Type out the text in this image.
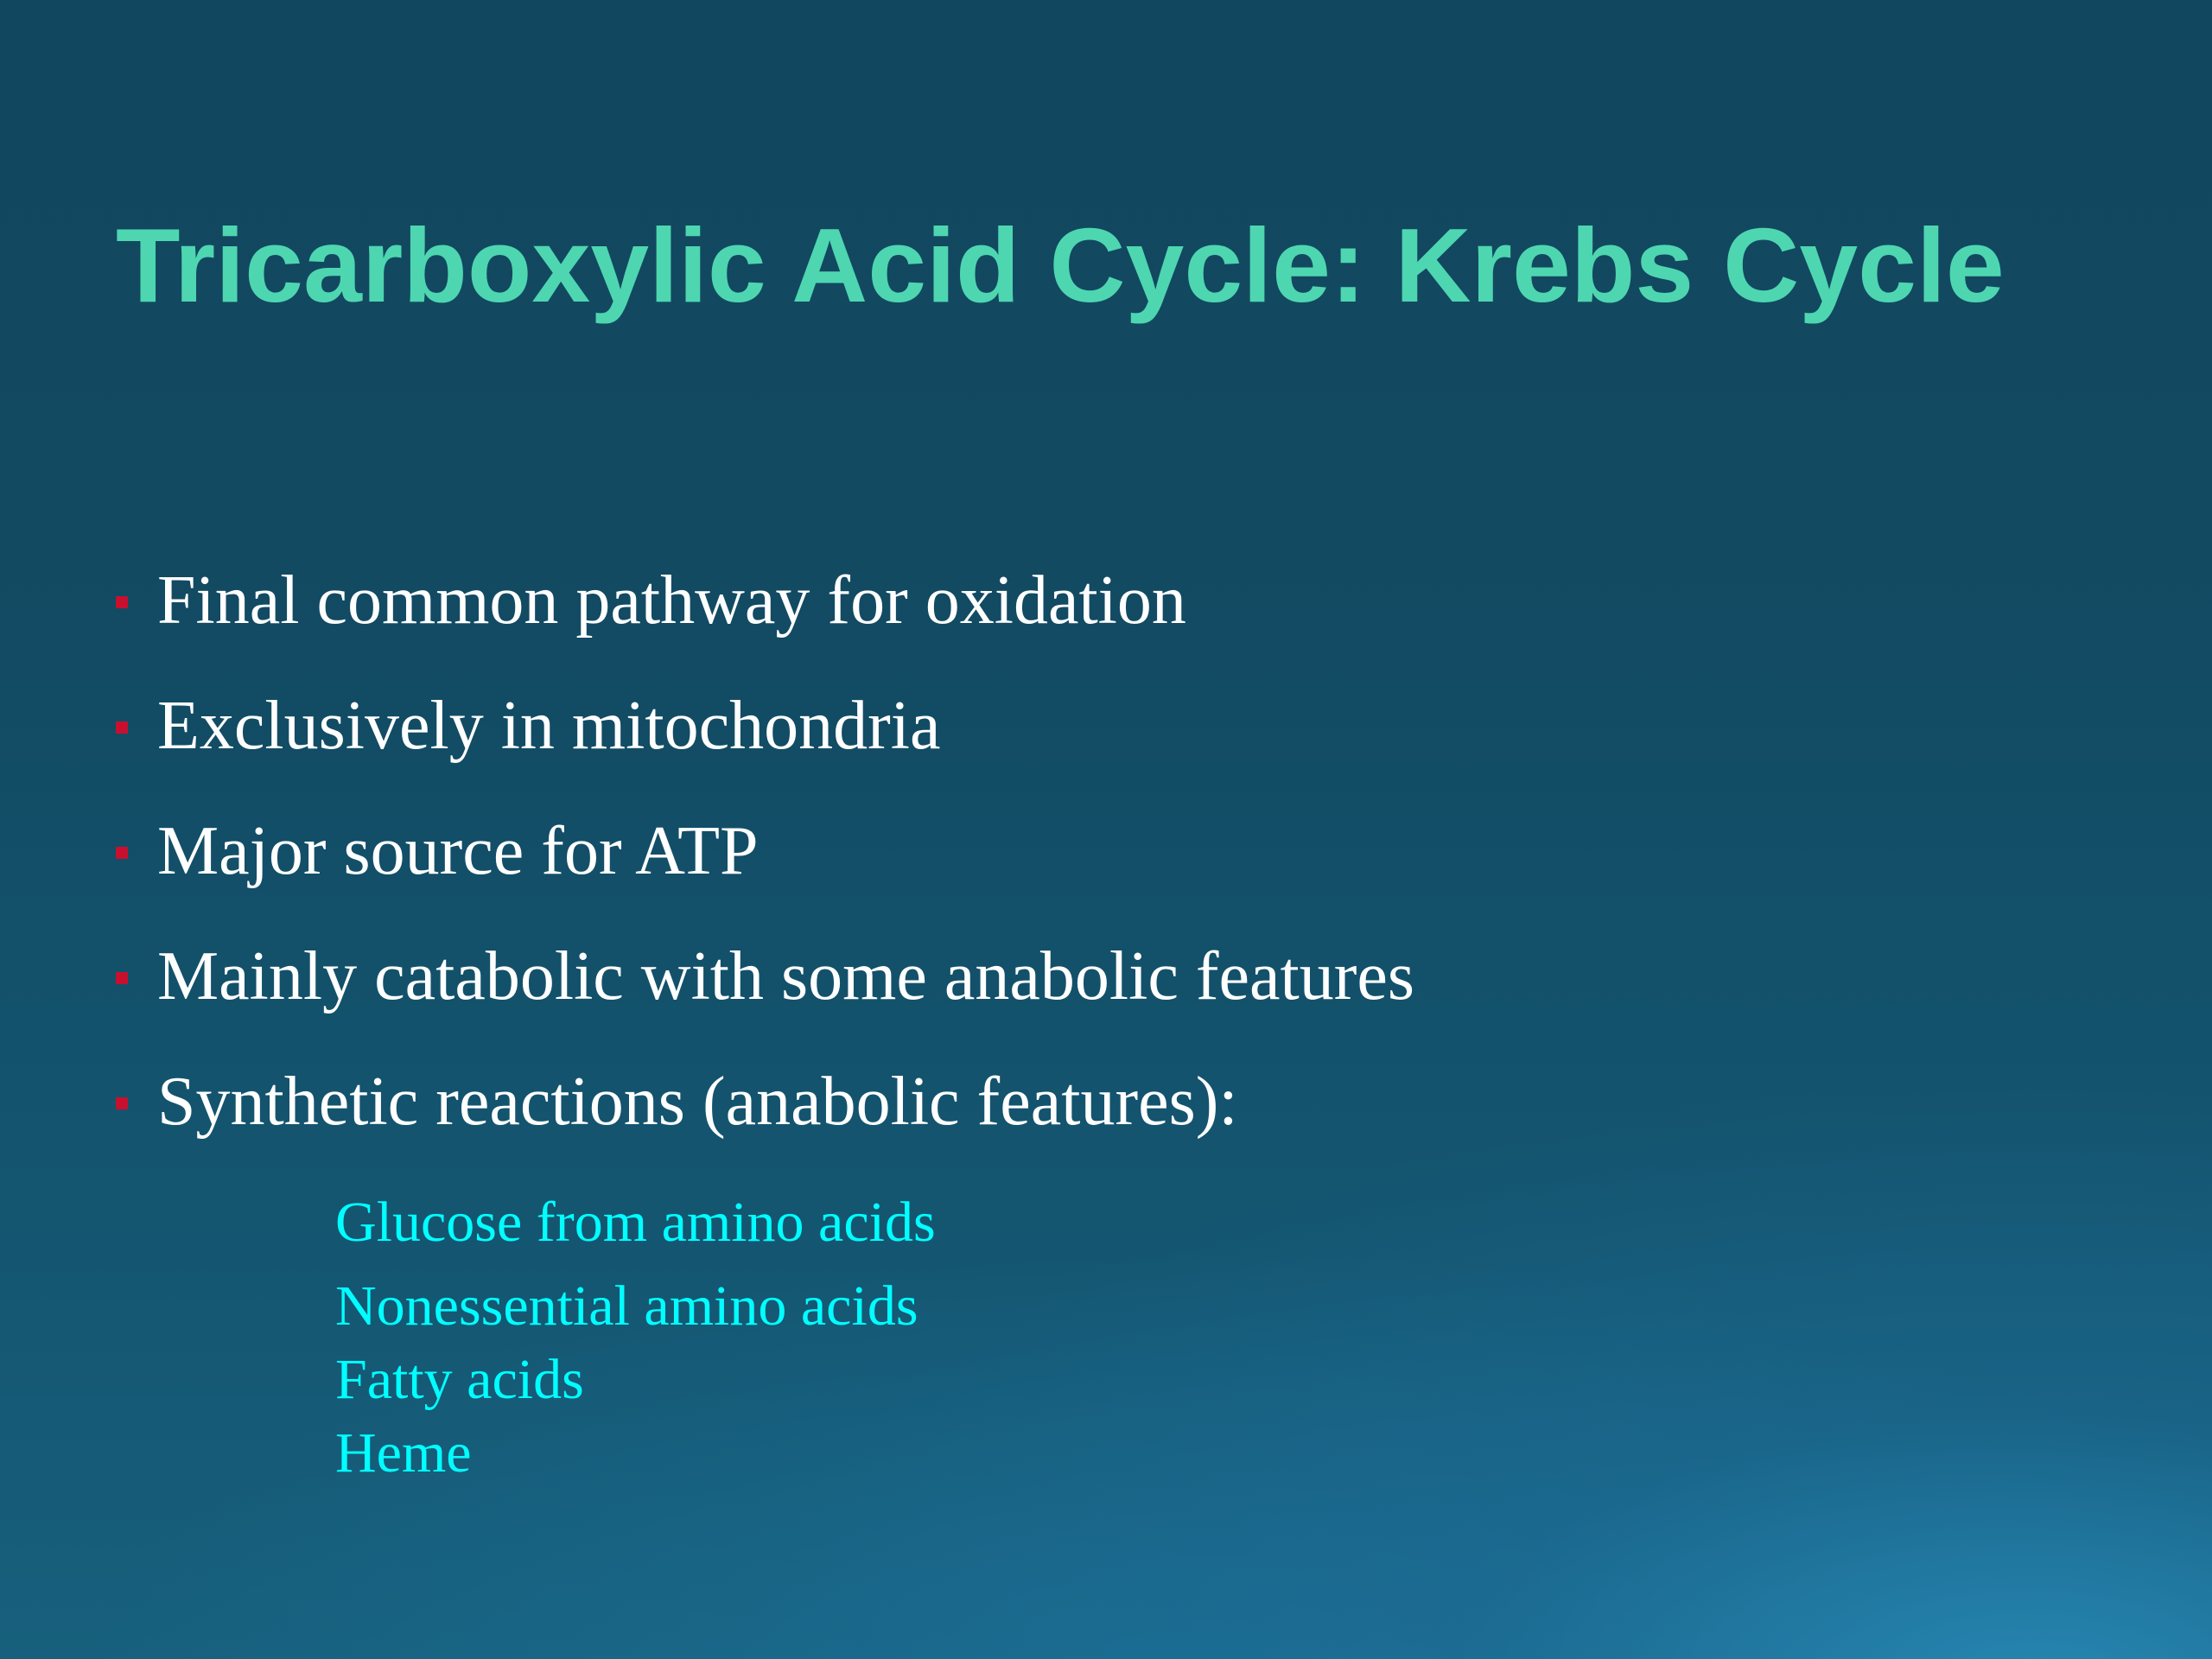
Tricarboxylic Acid Cycle: Krebs Cycle
Final common pathway for oxidation
Exclusively in mitochondria
Major source for ATP
Mainly catabolic with some anabolic features
Synthetic reactions (anabolic features):
Glucose from amino acids
Nonessential amino acids
Fatty acids
Heme
